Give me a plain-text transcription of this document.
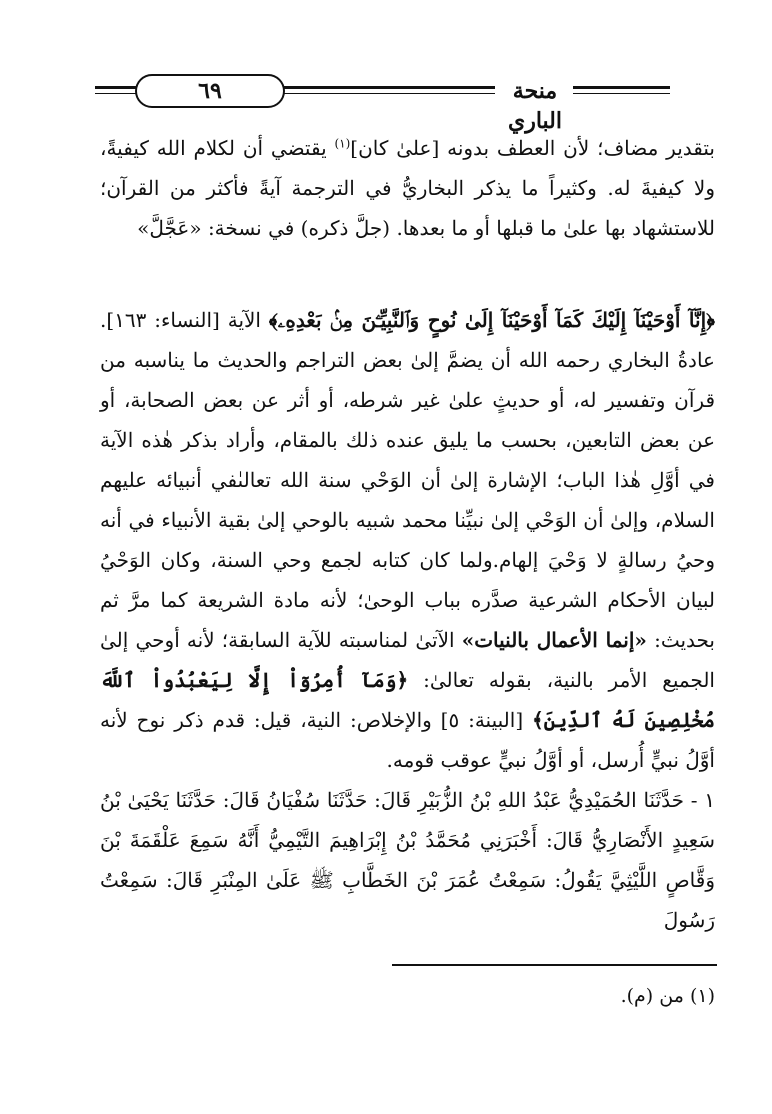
٦٩	منحة الباري
بتقدير مضاف؛ لأن العطف بدونه [علىٰ كان]$^{(١)}$ يقتضي أن لكلام الله كيفيةً، ولا كيفيةَ له. وكثيراً ما يذكر البخاريُّ في الترجمة آيةً فأكثر من القرآن؛ للاستشهاد بها علىٰ ما قبلها أو ما بعدها. (جلَّ ذكره) في نسخة: «عَجَّلَّ»
﴿إِنَّآ أَوْحَيْنَآ إِلَيْكَ كَمَآ أَوْحَيْنَآ إِلَىٰ نُوحٍ وَٱلنَّبِيِّـۧنَ مِنۢ بَعْدِهِۦ﴾ الآية [النساء: ١٦٣]. عادةُ البخاري رحمه الله أن يضمَّ إلىٰ بعض التراجم والحديث ما يناسبه من قرآن وتفسير له، أو حديثٍ علىٰ غير شرطه، أو أثر عن بعض الصحابة، أو عن بعض التابعين، بحسب ما يليق عنده ذلك بالمقام، وأراد بذكر هٰذه الآية في أوَّلِ هٰذا الباب؛ الإشارة إلىٰ أن الوَحْي سنة الله تعالىٰفي أنبيائه عليهم السلام، وإلىٰ أن الوَحْي إلىٰ نبيِّنا محمد شبيه بالوحي إلىٰ بقية الأنبياء في أنه وحيُ رسالةٍ لا وَحْيَ إلهام.ولما كان كتابه لجمع وحي السنة، وكان الوَحْيُ لبيان الأحكام الشرعية صدَّره بباب الوحىٰ؛ لأنه مادة الشريعة كما مرَّ ثم بحديث: «إنما الأعمال بالنيات» الآتىٰ لمناسبته للآية السابقة؛ لأنه أوحي إلىٰ الجميع الأمر بالنية، بقوله تعالىٰ: ﴿وَمَآ أُمِرُوٓاْ إِلَّا لِيَعْبُدُواْ ٱللَّهَ مُخْلِصِينَ لَهُ ٱلدِّينَ﴾ [البينة: ٥] والإخلاص: النية، قيل: قدم ذكر نوح لأنه أوَّلُ نبيٍّ أُرسل، أو أوَّلُ نبيٍّ عوقب قومه.
١ - حَدَّثَنَا الحُمَيْدِيُّ عَبْدُ اللهِ بْنُ الزُّبَيْرِ قَالَ: حَدَّثَنَا سُفْيَانُ قَالَ: حَدَّثَنَا يَحْيَىٰ بْنُ سَعِيدٍ الأَنْصَارِيُّ قَالَ: أَخْبَرَنِي مُحَمَّدُ بْنُ إِبْرَاهِيمَ التَّيْمِيُّ أَنَّهُ سَمِعَ عَلْقَمَةَ بْنَ وَقَّاصٍ اللَّيْثِيَّ يَقُولُ: سَمِعْتُ عُمَرَ بْنَ الخَطَّابِ ﷺ عَلَىٰ المِنْبَرِ قَالَ: سَمِعْتُ رَسُولَ
(١) من (م).
